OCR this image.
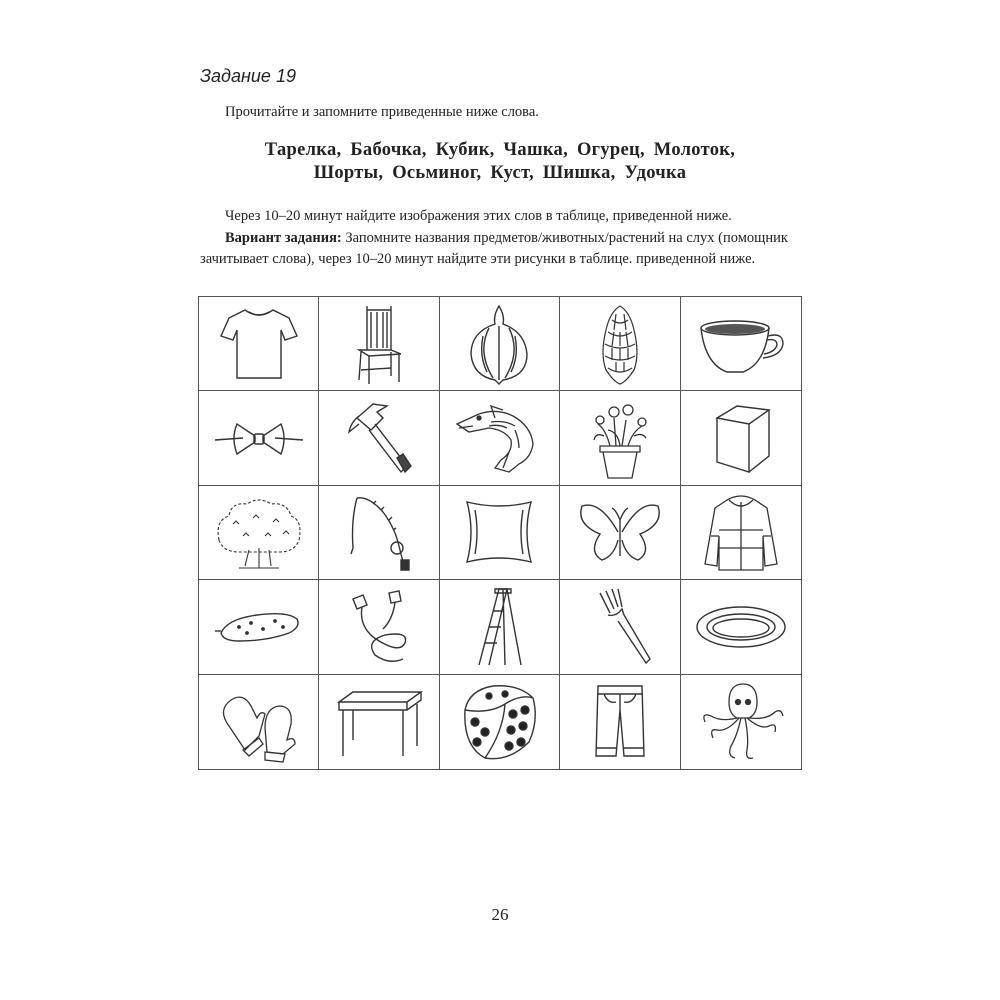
Задание 19
Прочитайте и запомните приведенные ниже слова.
Тарелка, Бабочка, Кубик, Чашка, Огурец, Молоток,
Шорты, Осьминог, Куст, Шишка, Удочка
Через 10–20 минут найдите изображения этих слов в таблице, приведенной ниже.
Вариант задания: Запомните названия предметов/животных/растений на слух (помощник зачитывает слова), через 10–20 минут найдите эти рисунки в таблице. приведенной ниже.
26
